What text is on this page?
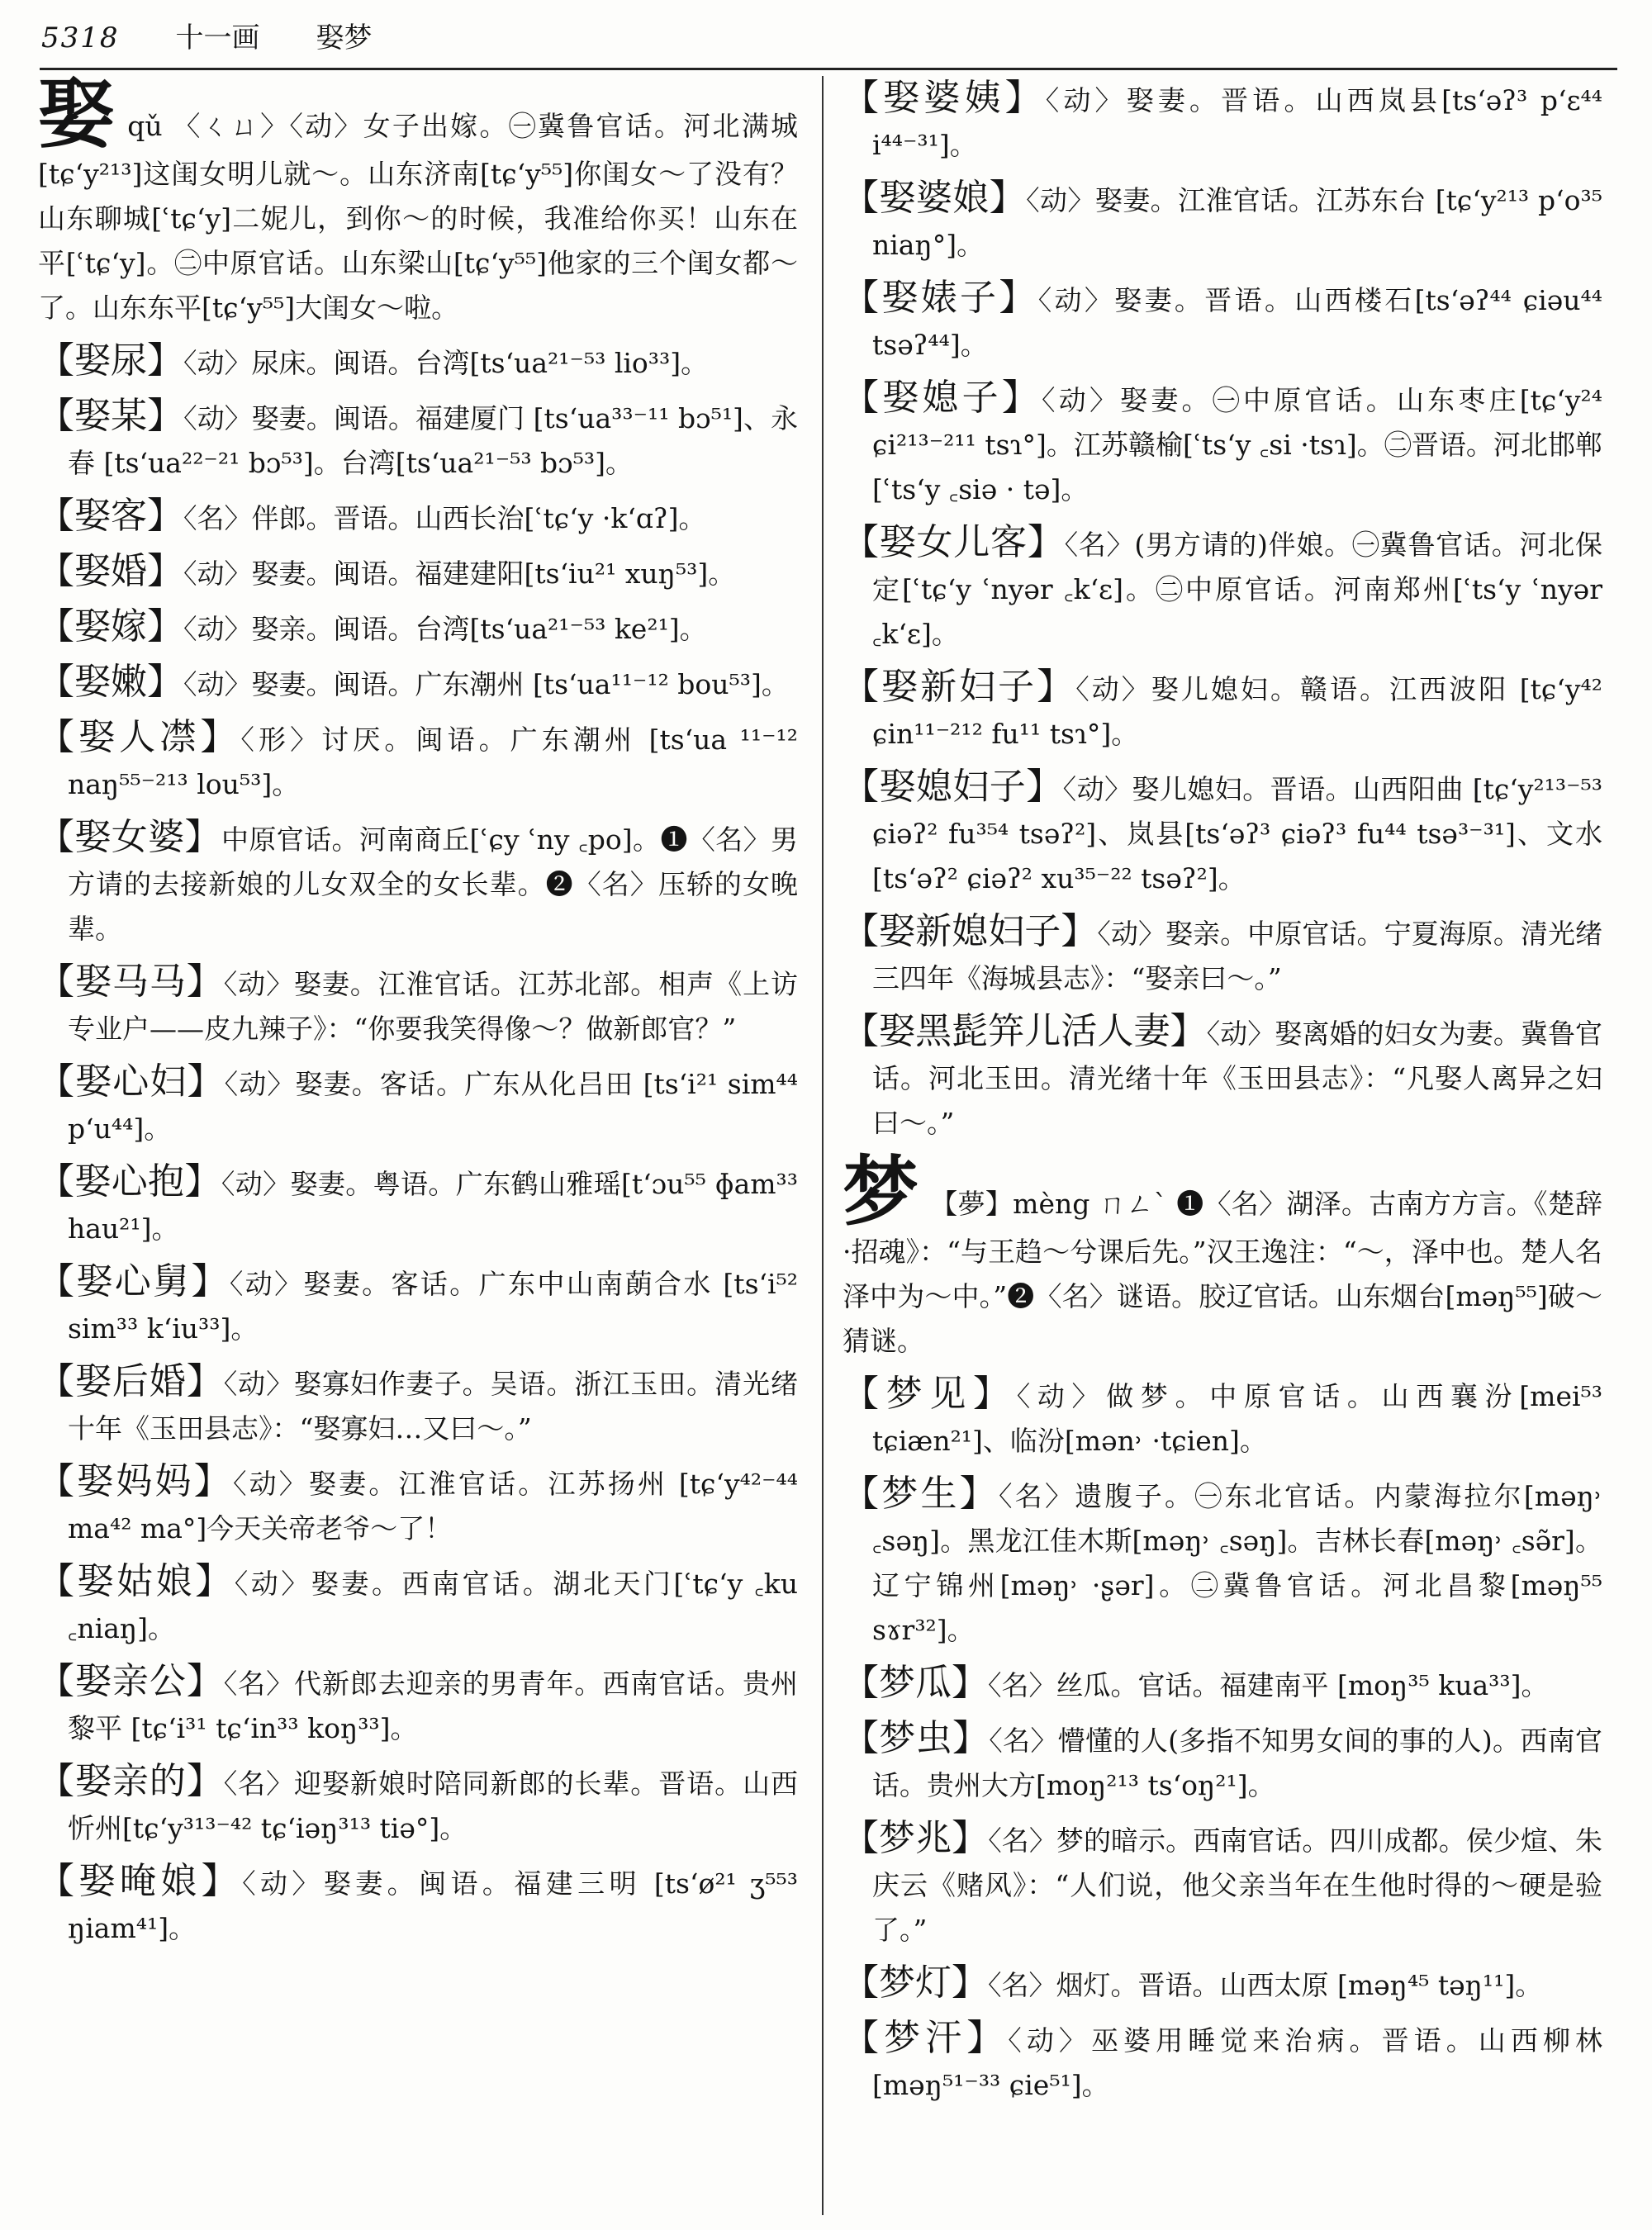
5318 十一画 娶梦
娶qǔ 〈ㄑㄩ〉〈动〉女子出嫁。㊀冀鲁官话。河北满城[tɕʻy²¹³]这闺女明儿就～。山东济南[tɕʻy⁵⁵]你闺女～了没有？山东聊城[ʿtɕʻy]二妮儿，到你～的时候，我准给你买！山东在平[ʿtɕʻy]。㊁中原官话。山东梁山[tɕʻy⁵⁵]他家的三个闺女都～了。山东东平[tɕʻy⁵⁵]大闺女～啦。
【娶尿】〈动〉尿床。闽语。台湾[tsʻua²¹⁻⁵³ lio³³]。
【娶某】〈动〉娶妻。闽语。福建厦门 [tsʻua³³⁻¹¹ bɔ⁵¹]、永春 [tsʻua²²⁻²¹ bɔ⁵³]。台湾[tsʻua²¹⁻⁵³ bɔ⁵³]。
【娶客】〈名〉伴郎。晋语。山西长治[ʿtɕʻy ·kʻɑʔ]。
【娶婚】〈动〉娶妻。闽语。福建建阳[tsʻiu²¹ xuŋ⁵³]。
【娶嫁】〈动〉娶亲。闽语。台湾[tsʻua²¹⁻⁵³ ke²¹]。
【娶嫩】〈动〉娶妻。闽语。广东潮州 [tsʻua¹¹⁻¹² bou⁵³]。
【娶人凚】〈形〉讨厌。闽语。广东潮州 [tsʻua ¹¹⁻¹² naŋ⁵⁵⁻²¹³ lou⁵³]。
【娶女婆】中原官话。河南商丘[ʿɕy ʿny ꜀po]。❶〈名〉男方请的去接新娘的儿女双全的女长辈。❷〈名〉压轿的女晚辈。
【娶马马】〈动〉娶妻。江淮官话。江苏北部。相声《上访专业户——皮九辣子》：“你要我笑得像～？做新郎官？”
【娶心妇】〈动〉娶妻。客话。广东从化吕田 [tsʻi²¹ sim⁴⁴ pʻu⁴⁴]。
【娶心抱】〈动〉娶妻。粤语。广东鹤山雅瑶[tʻɔu⁵⁵ ɸam³³ hau²¹]。
【娶心舅】〈动〉娶妻。客话。广东中山南蓢合水 [tsʻi⁵² sim³³ kʻiu³³]。
【娶后婚】〈动〉娶寡妇作妻子。吴语。浙江玉田。清光绪十年《玉田县志》：“娶寡妇…又曰～。”
【娶妈妈】〈动〉娶妻。江淮官话。江苏扬州 [tɕʻy⁴²⁻⁴⁴ ma⁴² ma°]今天关帝老爷～了！
【娶姑娘】〈动〉娶妻。西南官话。湖北天门[ʿtɕʻy ꜀ku ꜀niaŋ]。
【娶亲公】〈名〉代新郎去迎亲的男青年。西南官话。贵州黎平 [tɕʻi³¹ tɕʻin³³ koŋ³³]。
【娶亲的】〈名〉迎娶新娘时陪同新郎的长辈。晋语。山西忻州[tɕʻy³¹³⁻⁴² tɕʻiəŋ³¹³ tiə°]。
【娶晻娘】〈动〉娶妻。闽语。福建三明 [tsʻø²¹ ʒ⁵⁵³ ŋiam⁴¹]。
【娶婆姨】〈动〉娶妻。晋语。山西岚县[tsʻəʔ³ pʻɛ⁴⁴ i⁴⁴⁻³¹]。
【娶婆娘】〈动〉娶妻。江淮官话。江苏东台 [tɕʻy²¹³ pʻo³⁵ niaŋ°]。
【娶婊子】〈动〉娶妻。晋语。山西楼石[tsʻəʔ⁴⁴ ɕiəu⁴⁴ tsəʔ⁴⁴]。
【娶媳子】〈动〉娶妻。㊀中原官话。山东枣庄[tɕʻy²⁴ ɕi²¹³⁻²¹¹ tsɿ°]。江苏赣榆[ʿtsʻy ꜀si ·tsɿ]。㊁晋语。河北邯郸[ʿtsʻy ꜀siə · tə]。
【娶女儿客】〈名〉(男方请的)伴娘。㊀冀鲁官话。河北保定[ʿtɕʻy ʿnyər ꜀kʻɛ]。㊁中原官话。河南郑州[ʿtsʻy ʿnyər ꜀kʻɛ]。
【娶新妇子】〈动〉娶儿媳妇。赣语。江西波阳 [tɕʻy⁴² ɕin¹¹⁻²¹² fu¹¹ tsɿ°]。
【娶媳妇子】〈动〉娶儿媳妇。晋语。山西阳曲 [tɕʻy²¹³⁻⁵³ ɕiəʔ² fu³⁵⁴ tsəʔ²]、岚县[tsʻəʔ³ ɕiəʔ³ fu⁴⁴ tsə³⁻³¹]、文水[tsʻəʔ² ɕiəʔ² xu³⁵⁻²² tsəʔ²]。
【娶新媳妇子】〈动〉娶亲。中原官话。宁夏海原。清光绪三四年《海城县志》：“娶亲曰～。”
【娶黑髭笄儿活人妻】〈动〉娶离婚的妇女为妻。冀鲁官话。河北玉田。清光绪十年《玉田县志》：“凡娶人离异之妇曰～。”
梦 【夢】mèng ㄇㄥˋ ❶〈名〉湖泽。古南方方言。《楚辞·招魂》：“与王趋～兮课后先。”汉王逸注：“～，泽中也。楚人名泽中为～中。”❷〈名〉谜语。胶辽官话。山东烟台[məŋ⁵⁵]破～猜谜。
【梦见】〈动〉做梦。中原官话。山西襄汾[mei⁵³ tɕiæn²¹]、临汾[mən˒ ·tɕien]。
【梦生】〈名〉遗腹子。㊀东北官话。内蒙海拉尔[məŋ˒ ꜀səŋ]。黑龙江佳木斯[məŋ˒ ꜀səŋ]。吉林长春[məŋ˒ ꜀sə̃r]。辽宁锦州[məŋ˒ ·ʂər]。㊁冀鲁官话。河北昌黎[məŋ⁵⁵ sɤr³²]。
【梦瓜】〈名〉丝瓜。官话。福建南平 [moŋ³⁵ kua³³]。
【梦虫】〈名〉懵懂的人(多指不知男女间的事的人)。西南官话。贵州大方[moŋ²¹³ tsʻoŋ²¹]。
【梦兆】〈名〉梦的暗示。西南官话。四川成都。侯少煊、朱庆云《赌风》：“人们说，他父亲当年在生他时得的～硬是验了。”
【梦灯】〈名〉烟灯。晋语。山西太原 [məŋ⁴⁵ təŋ¹¹]。
【梦汗】〈动〉巫婆用睡觉来治病。晋语。山西柳林 [məŋ⁵¹⁻³³ ɕie⁵¹]。
